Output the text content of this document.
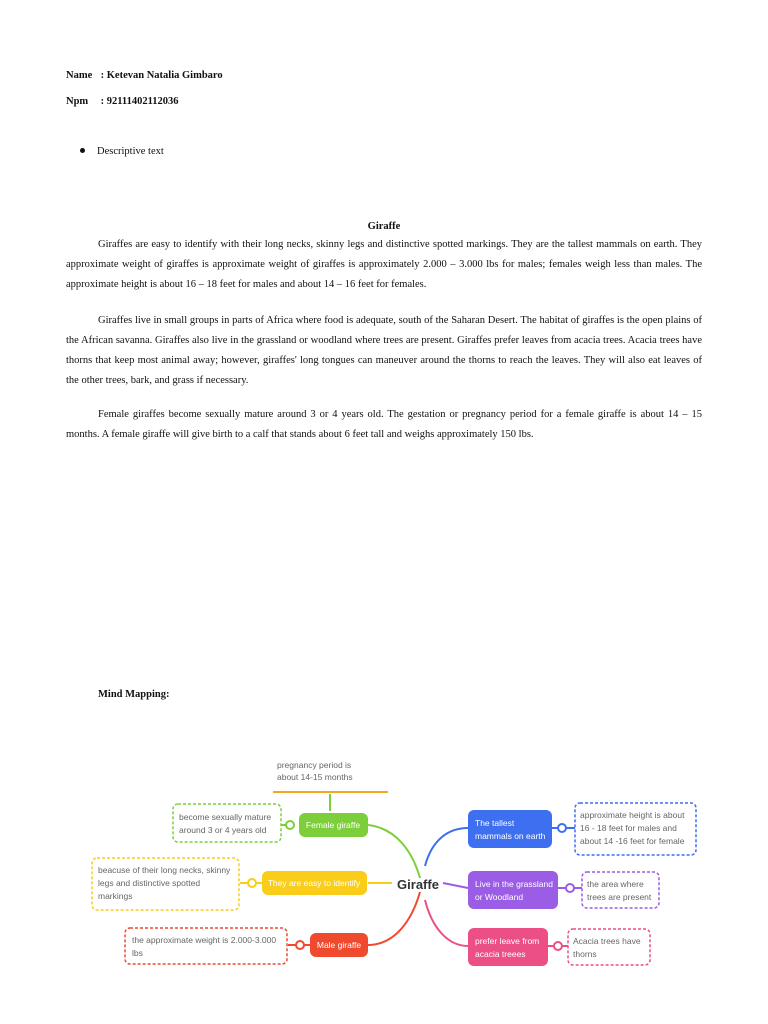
Name : Ketevan Natalia Gimbaro
Npm : 92111402112036
Descriptive text
Giraffe

Giraffes are easy to identify with their long necks, skinny legs and distinctive spotted markings. They are the tallest mammals on earth. They approximate weight of giraffes is approximate weight of giraffes is approximately 2.000 – 3.000 lbs for males; females weigh less than males. The approximate height is about 16 – 18 feet for males and about 14 – 16 feet for females.

Giraffes live in small groups in parts of Africa where food is adequate, south of the Saharan Desert. The habitat of giraffes is the open plains of the African savanna. Giraffes also live in the grassland or woodland where trees are present. Giraffes prefer leaves from acacia trees. Acacia trees have thorns that keep most animal away; however, giraffes' long tongues can maneuver around the thorns to reach the leaves. They will also eat leaves of the other trees, bark, and grass if necessary.

Female giraffes become sexually mature around 3 or 4 years old. The gestation or pregnancy period for a female giraffe is about 14 – 15 months. A female giraffe will give birth to a calf that stands about 6 feet tall and weighs approximately 150 lbs.

Mind Mapping:
Giraffe
pregnancy period is about 14-15 months
Female giraffe
They are easy to identify
Male giraffe
become sexually mature around 3 or 4 years old
beacuse of their long necks, skinny legs and distinctive spotted markings
the approximate weight is 2.000-3.000 lbs
The tallest mammals on earth
Live in the grassland or Woodland
prefer leave from acacia treees
approximate height is about 16 - 18 feet for males and about 14 -16 feet for female
the area where trees are present
Acacia trees have thorns
